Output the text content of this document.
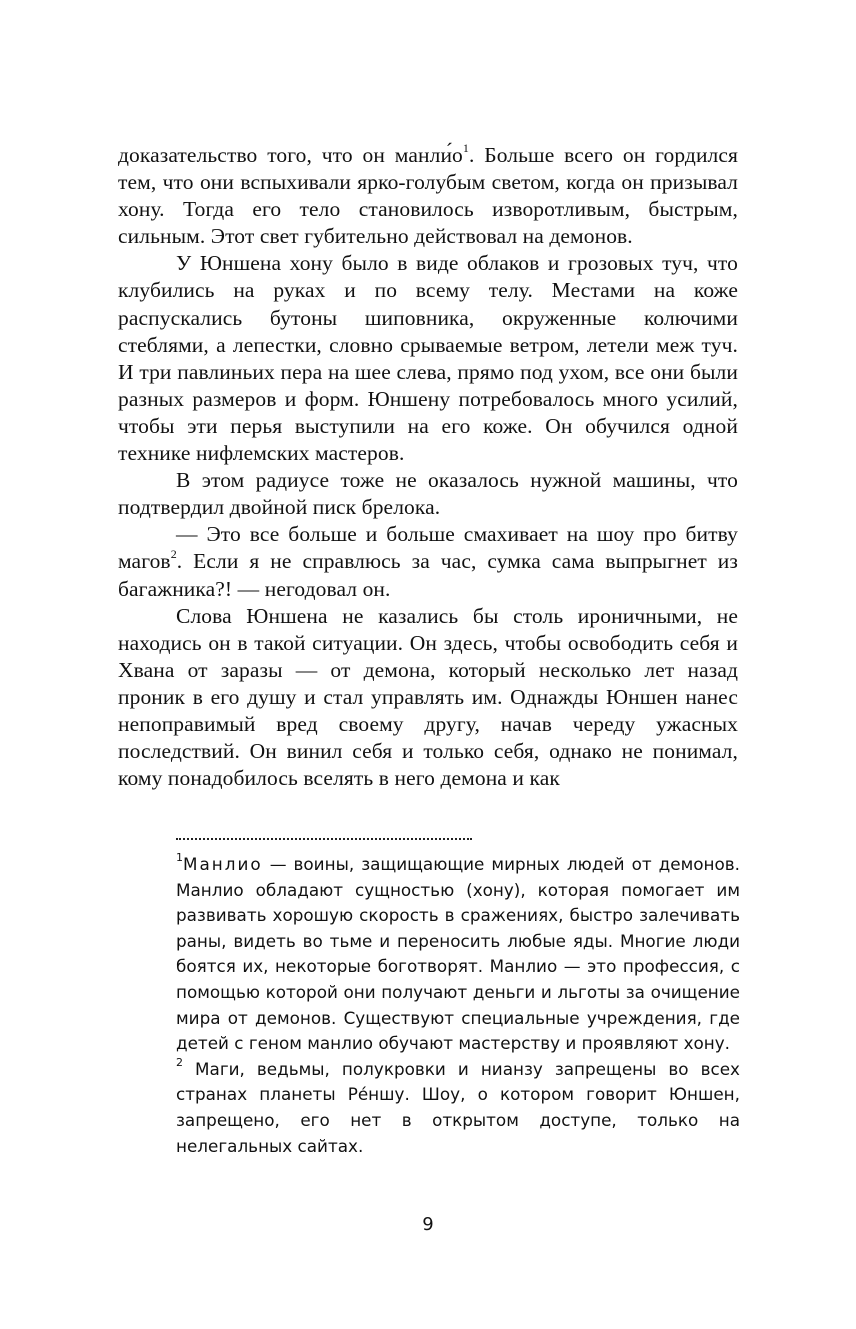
доказательство того, что он $манли́о^1$. Больше всего он гордился тем, что они вспыхивали ярко-голубым светом, когда он призывал хону. Тогда его тело становилось изворотливым, быстрым, сильным. Этот свет губительно действовал на демонов.

У Юншена хону было в виде облаков и грозовых туч, что клубились на руках и по всему телу. Местами на коже распускались бутоны шиповника, окруженные колючими стеблями, а лепестки, словно срываемые ветром, летели меж туч. И три павлиньих пера на шее слева, прямо под ухом, все они были разных размеров и форм. Юншену потребовалось много усилий, чтобы эти перья выступили на его коже. Он обучился одной технике нифлемских мастеров.

В этом радиусе тоже не оказалось нужной машины, что подтвердил двойной писк брелока.

— Это все больше и больше смахивает на шоу про битву магов$^2$. Если я не справлюсь за час, сумка сама выпрыгнет из багажника?! — негодовал он.

Слова Юншена не казались бы столь ироничными, не находись он в такой ситуации. Он здесь, чтобы освободить себя и Хвана от заразы — от демона, который несколько лет назад проник в его душу и стал управлять им. Однажды Юншен нанес непоправимый вред своему другу, начав череду ужасных последствий. Он винил себя и только себя, однако не понимал, кому понадобилось вселять в него демона и как

$^1$Манлио — воины, защищающие мирных людей от демонов. Манлио обладают сущностью (хону), которая помогает им развивать хорошую скорость в сражениях, быстро залечивать раны, видеть во тьме и переносить любые яды. Многие люди боятся их, некоторые боготворят. Манлио — это профессия, с помощью которой они получают деньги и льготы за очищение мира от демонов. Существуют специальные учреждения, где детей с геном манлио обучают мастерству и проявляют хону.

$^2$ Маги, ведьмы, полукровки и нианзу запрещены во всех странах планеты Ре́ншу. Шоу, о котором говорит Юншен, запрещено, его нет в открытом доступе, только на нелегальных сайтах.

9
